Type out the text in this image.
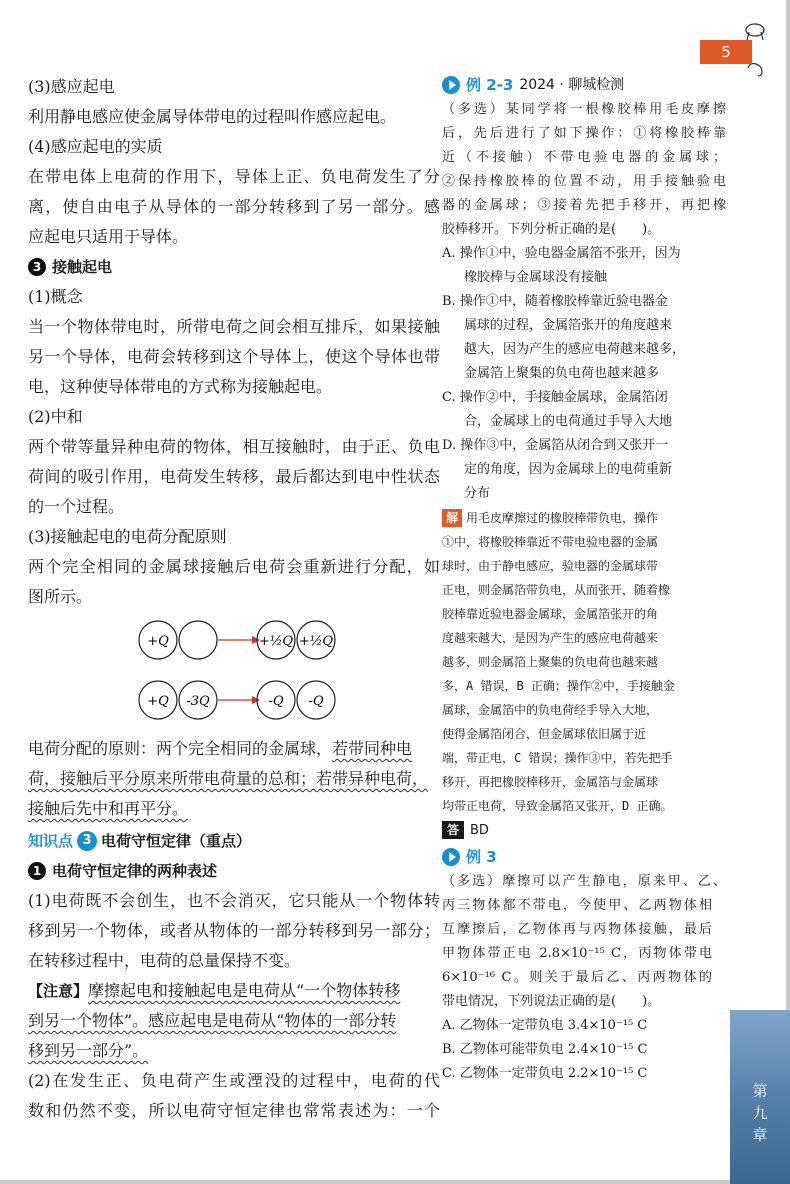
5
第九章
(3)感应起电
利用静电感应使金属导体带电的过程叫作感应起电。
(4)感应起电的实质
在带电体上电荷的作用下，导体上正、负电荷发生了分
离，使自由电子从导体的一部分转移到了另一部分。感
应起电只适用于导体。
3 接触起电
(1)概念
当一个物体带电时，所带电荷之间会相互排斥，如果接触
另一个导体，电荷会转移到这个导体上，使这个导体也带
电，这种使导体带电的方式称为接触起电。
(2)中和
两个带等量异种电荷的物体，相互接触时，由于正、负电
荷间的吸引作用，电荷发生转移，最后都达到电中性状态
的一个过程。
(3)接触起电的电荷分配原则
两个完全相同的金属球接触后电荷会重新进行分配，如
图所示。
+Q	+½Q +½Q
+Q -3Q	-Q -Q
电荷分配的原则：两个完全相同的金属球，若带同种电
荷，接触后平分原来所带电荷量的总和；若带异种电荷，
接触后先中和再平分。
知识点 3 电荷守恒定律（重点）
1 电荷守恒定律的两种表述
(1)电荷既不会创生，也不会消灭，它只能从一个物体转
移到另一个物体，或者从物体的一部分转移到另一部分；
在转移过程中，电荷的总量保持不变。
【注意】摩擦起电和接触起电是电荷从“一个物体转移
到另一个物体”。感应起电是电荷从“物体的一部分转
移到另一部分”。
(2)在发生正、负电荷产生或湮没的过程中，电荷的代
数和仍然不变，所以电荷守恒定律也常常表述为：一个
例 2-3 2024 · 聊城检测
（多选）某同学将一根橡胶棒用毛皮摩擦
后，先后进行了如下操作：①将橡胶棒靠
近（不接触）不带电验电器的金属球；
②保持橡胶棒的位置不动，用手接触验电
器的金属球；③接着先把手移开，再把橡
胶棒移开。下列分析正确的是(　　)。
A. 操作①中，验电器金属箔不张开，因为
橡胶棒与金属球没有接触
B. 操作①中，随着橡胶棒靠近验电器金
属球的过程，金属箔张开的角度越来
越大，因为产生的感应电荷越来越多，
金属箔上聚集的负电荷也越来越多
C. 操作②中，手接触金属球，金属箔闭
合，金属球上的电荷通过手导入大地
D. 操作③中，金属箔从闭合到又张开一
定的角度，因为金属球上的电荷重新
分布
解 用毛皮摩擦过的橡胶棒带负电，操作
①中，将橡胶棒靠近不带电验电器的金属
球时，由于静电感应，验电器的金属球带
正电，则金属箔带负电，从而张开，随着橡
胶棒靠近验电器金属球，金属箔张开的角
度越来越大，是因为产生的感应电荷越来
越多，则金属箔上聚集的负电荷也越来越
多，A 错误，B 正确；操作②中，手接触金
属球，金属箔中的负电荷经手导入大地，
使得金属箔闭合，但金属球依旧属于近
端，带正电，C 错误；操作③中，若先把手
移开，再把橡胶棒移开，金属箔与金属球
均带正电荷，导致金属箔又张开，D 正确。
答 BD
例 3
（多选）摩擦可以产生静电，原来甲、乙、
丙三物体都不带电，今使甲、乙两物体相
互摩擦后，乙物体再与丙物体接触，最后
甲物体带正电 2.8×10⁻¹⁵ C，丙物体带电
6×10⁻¹⁶ C。则关于最后乙、丙两物体的
带电情况，下列说法正确的是(　　)。
A. 乙物体一定带负电 3.4×10⁻¹⁵ C
B. 乙物体可能带负电 2.4×10⁻¹⁵ C
C. 乙物体一定带负电 2.2×10⁻¹⁵ C
